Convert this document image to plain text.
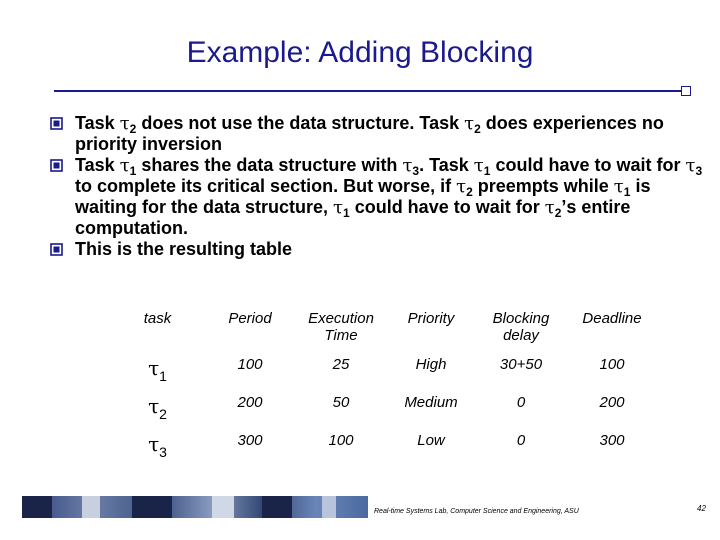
Example: Adding Blocking
Task $\tau_2$ does not use the data structure. Task $\tau_2$ does experiences no priority inversion
Task $\tau_1$ shares the data structure with $\tau_3$. Task $\tau_1$ could have to wait for $\tau_3$ to complete its critical section. But worse, if $\tau_2$ preempts while $\tau_1$ is waiting for the data structure, $\tau_1$ could have to wait for $\tau_2’s$ entire computation.
This is the resulting table
task	Period	Execution Time	Priority	Blocking delay	Deadline
$\tau_1$	100	25	High	30+50	100
$\tau_2$	200	50	Medium	0	200
$\tau_3$	300	100	Low	0	300
Real-time Systems Lab, Computer Science and Engineering, ASU	42
